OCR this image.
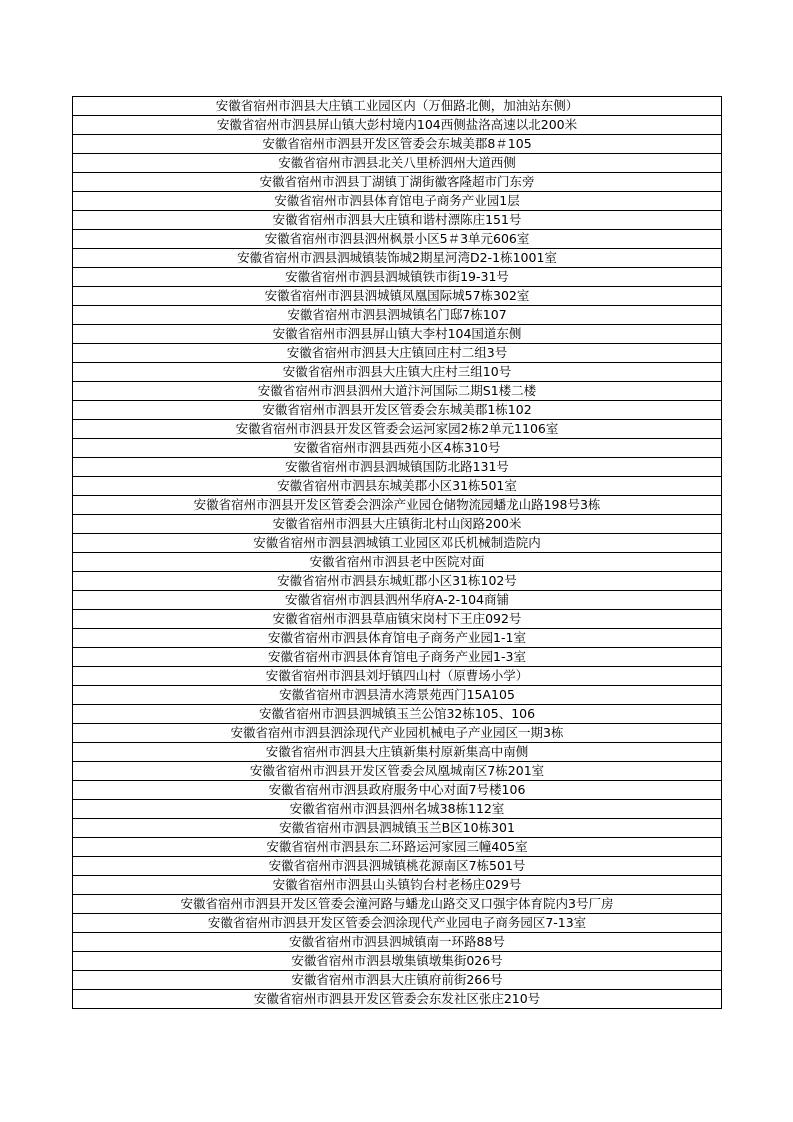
安徽省宿州市泗县大庄镇工业园区内（万佃路北侧，加油站东侧）
安徽省宿州市泗县屏山镇大彭村境内104西侧盐洛高速以北200米
安徽省宿州市泗县开发区管委会东城美郡8＃105
安徽省宿州市泗县北关八里桥泗州大道西侧
安徽省宿州市泗县丁湖镇丁湖街徽客隆超市门东旁
安徽省宿州市泗县体育馆电子商务产业园1层
安徽省宿州市泗县大庄镇和谐村漂陈庄151号
安徽省宿州市泗县泗州枫景小区5＃3单元606室
安徽省宿州市泗县泗城镇装饰城2期星河湾D2-1栋1001室
安徽省宿州市泗县泗城镇铁市街19-31号
安徽省宿州市泗县泗城镇凤凰国际城57栋302室
安徽省宿州市泗县泗城镇名门邸7栋107
安徽省宿州市泗县屏山镇大李村104国道东侧
安徽省宿州市泗县大庄镇回庄村二组3号
安徽省宿州市泗县大庄镇大庄村三组10号
安徽省宿州市泗县泗州大道汴河国际二期S1楼二楼
安徽省宿州市泗县开发区管委会东城美郡1栋102
安徽省宿州市泗县开发区管委会运河家园2栋2单元1106室
安徽省宿州市泗县西苑小区4栋310号
安徽省宿州市泗县泗城镇国防北路131号
安徽省宿州市泗县东城美郡小区31栋501室
安徽省宿州市泗县开发区管委会泗涂产业园仓储物流园蟠龙山路198号3栋
安徽省宿州市泗县大庄镇街北村山闵路200米
安徽省宿州市泗县泗城镇工业园区邓氏机械制造院内
安徽省宿州市泗县老中医院对面
安徽省宿州市泗县东城虹郡小区31栋102号
安徽省宿州市泗县泗州华府A-2-104商铺
安徽省宿州市泗县草庙镇宋岗村下王庄092号
安徽省宿州市泗县体育馆电子商务产业园1-1室
安徽省宿州市泗县体育馆电子商务产业园1-3室
安徽省宿州市泗县刘圩镇四山村（原曹场小学）
安徽省宿州市泗县清水湾景苑西门15A105
安徽省宿州市泗县泗城镇玉兰公馆32栋105、106
安徽省宿州市泗县泗涂现代产业园机械电子产业园区一期3栋
安徽省宿州市泗县大庄镇新集村原新集高中南侧
安徽省宿州市泗县开发区管委会凤凰城南区7栋201室
安徽省宿州市泗县政府服务中心对面7号楼106
安徽省宿州市泗县泗州名城38栋112室
安徽省宿州市泗县泗城镇玉兰B区10栋301
安徽省宿州市泗县东二环路运河家园三幢405室
安徽省宿州市泗县泗城镇桃花源南区7栋501号
安徽省宿州市泗县山头镇钧台村老杨庄029号
安徽省宿州市泗县开发区管委会潼河路与蟠龙山路交叉口强宇体育院内3号厂房
安徽省宿州市泗县开发区管委会泗涂现代产业园电子商务园区7-13室
安徽省宿州市泗县泗城镇南一环路88号
安徽省宿州市泗县墩集镇墩集街026号
安徽省宿州市泗县大庄镇府前街266号
安徽省宿州市泗县开发区管委会东发社区张庄210号
